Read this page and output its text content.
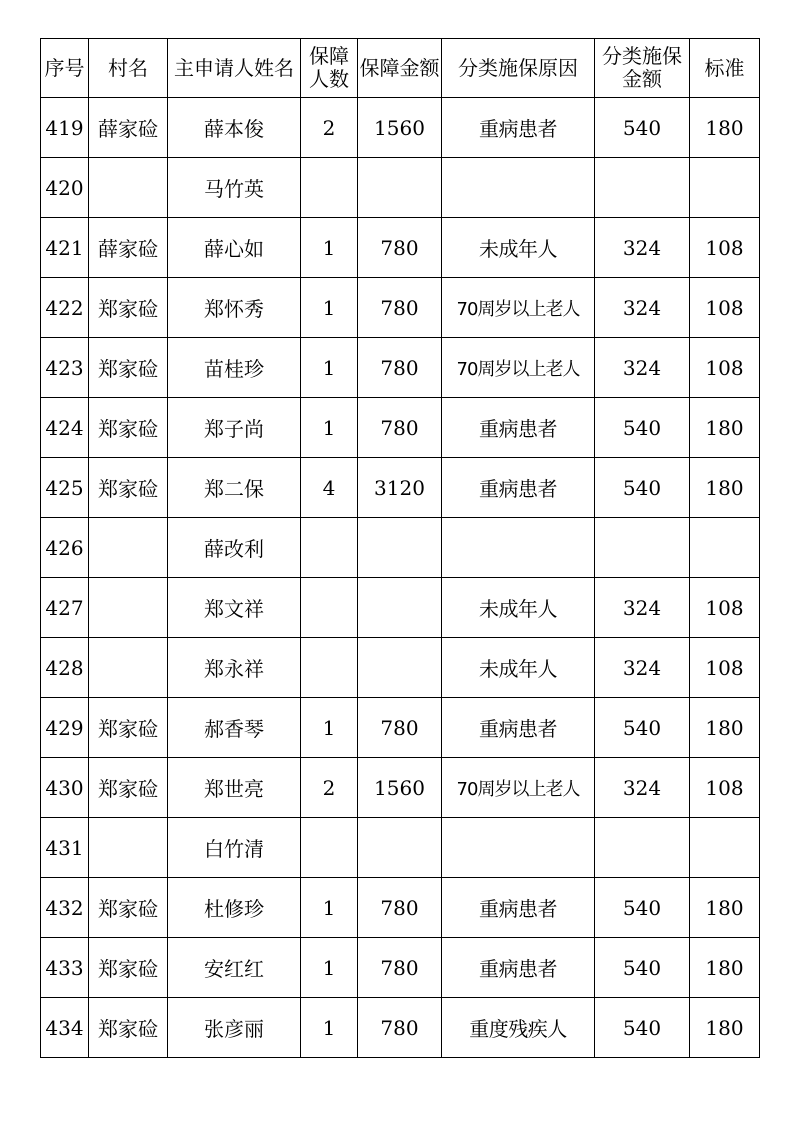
序号	村名	主申请人姓名	保障人数	保障金额	分类施保原因	分类施保金额	标准
419	薛家硷	薛本俊	2	1560	重病患者	540	180
420		马竹英					
421	薛家硷	薛心如	1	780	未成年人	324	108
422	郑家硷	郑怀秀	1	780	70周岁以上老人	324	108
423	郑家硷	苗桂珍	1	780	70周岁以上老人	324	108
424	郑家硷	郑子尚	1	780	重病患者	540	180
425	郑家硷	郑二保	4	3120	重病患者	540	180
426		薛改利					
427		郑文祥			未成年人	324	108
428		郑永祥			未成年人	324	108
429	郑家硷	郝香琴	1	780	重病患者	540	180
430	郑家硷	郑世亮	2	1560	70周岁以上老人	324	108
431		白竹清					
432	郑家硷	杜修珍	1	780	重病患者	540	180
433	郑家硷	安红红	1	780	重病患者	540	180
434	郑家硷	张彦丽	1	780	重度残疾人	540	180
